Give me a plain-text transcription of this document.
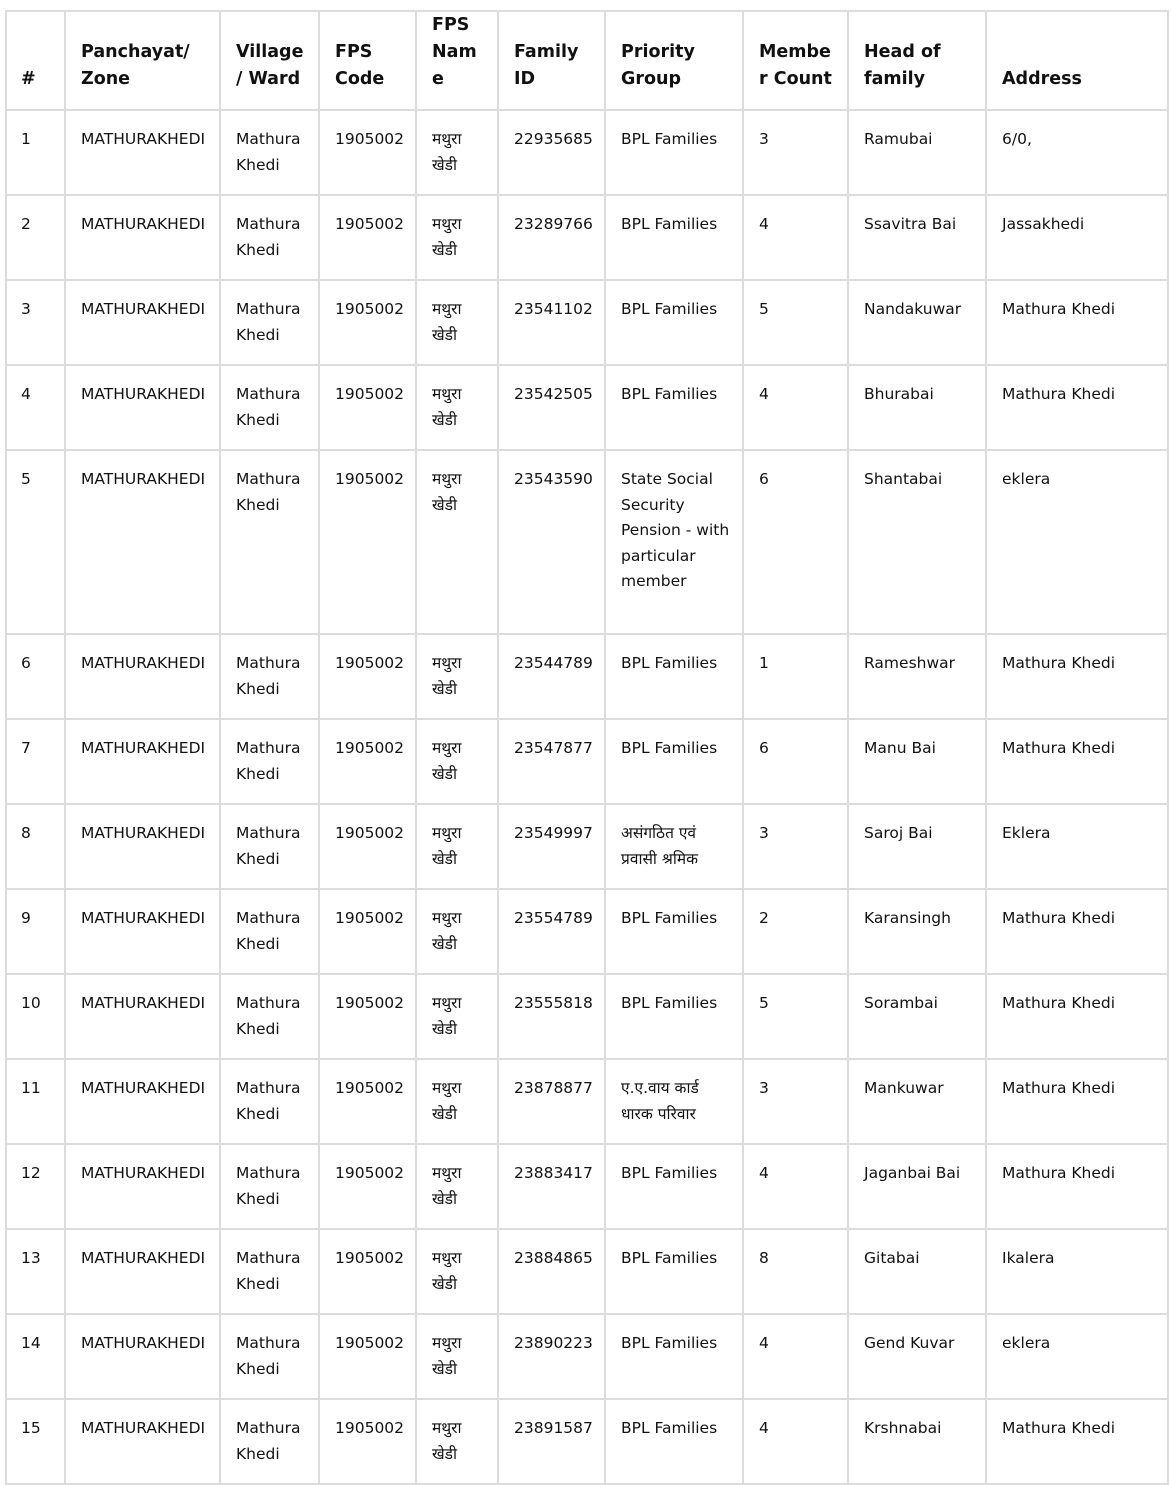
#	Panchayat/ Zone	Village/ Ward	FPS Code	FPS Name	Family ID	Priority Group	Member Count	Head of family	Address
1	MATHURAKHEDI	Mathura Khedi	1905002	मथुरा खेडी	22935685	BPL Families	3	Ramubai	6/0,
2	MATHURAKHEDI	Mathura Khedi	1905002	मथुरा खेडी	23289766	BPL Families	4	Ssavitra Bai	Jassakhedi
3	MATHURAKHEDI	Mathura Khedi	1905002	मथुरा खेडी	23541102	BPL Families	5	Nandakuwar	Mathura Khedi
4	MATHURAKHEDI	Mathura Khedi	1905002	मथुरा खेडी	23542505	BPL Families	4	Bhurabai	Mathura Khedi
5	MATHURAKHEDI	Mathura Khedi	1905002	मथुरा खेडी	23543590	State Social Security Pension - with particular member	6	Shantabai	eklera
6	MATHURAKHEDI	Mathura Khedi	1905002	मथुरा खेडी	23544789	BPL Families	1	Rameshwar	Mathura Khedi
7	MATHURAKHEDI	Mathura Khedi	1905002	मथुरा खेडी	23547877	BPL Families	6	Manu Bai	Mathura Khedi
8	MATHURAKHEDI	Mathura Khedi	1905002	मथुरा खेडी	23549997	असंगठित एवं प्रवासी श्रमिक	3	Saroj Bai	Eklera
9	MATHURAKHEDI	Mathura Khedi	1905002	मथुरा खेडी	23554789	BPL Families	2	Karansingh	Mathura Khedi
10	MATHURAKHEDI	Mathura Khedi	1905002	मथुरा खेडी	23555818	BPL Families	5	Sorambai	Mathura Khedi
11	MATHURAKHEDI	Mathura Khedi	1905002	मथुरा खेडी	23878877	ए.ए.वाय कार्ड धारक परिवार	3	Mankuwar	Mathura Khedi
12	MATHURAKHEDI	Mathura Khedi	1905002	मथुरा खेडी	23883417	BPL Families	4	Jaganbai Bai	Mathura Khedi
13	MATHURAKHEDI	Mathura Khedi	1905002	मथुरा खेडी	23884865	BPL Families	8	Gitabai	Ikalera
14	MATHURAKHEDI	Mathura Khedi	1905002	मथुरा खेडी	23890223	BPL Families	4	Gend Kuvar	eklera
15	MATHURAKHEDI	Mathura Khedi	1905002	मथुरा खेडी	23891587	BPL Families	4	Krshnabai	Mathura Khedi
